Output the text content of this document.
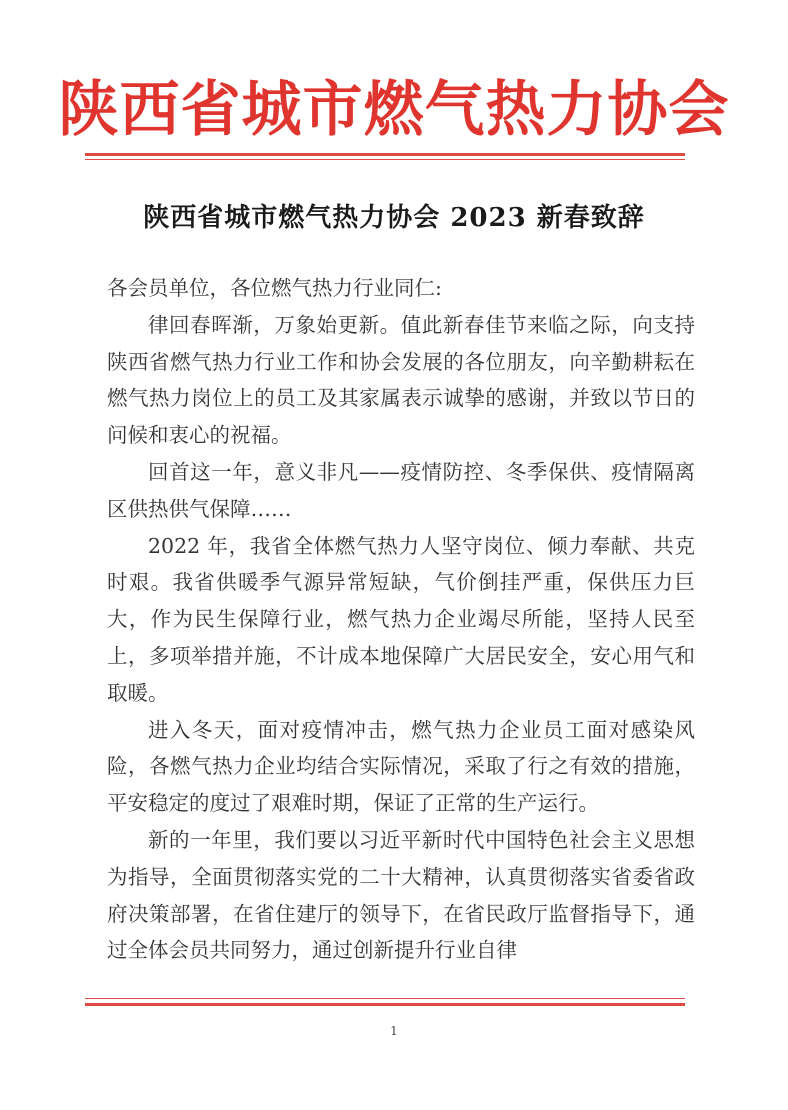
陕西省城市燃气热力协会
陕西省城市燃气热力协会 2023 新春致辞

各会员单位，各位燃气热力行业同仁:

律回春晖渐，万象始更新。值此新春佳节来临之际，向支持陕西省燃气热力行业工作和协会发展的各位朋友，向辛勤耕耘在燃气热力岗位上的员工及其家属表示诚挚的感谢，并致以节日的问候和衷心的祝福。

回首这一年，意义非凡——疫情防控、冬季保供、疫情隔离区供热供气保障……

2022 年，我省全体燃气热力人坚守岗位、倾力奉献、共克时艰。我省供暖季气源异常短缺，气价倒挂严重，保供压力巨大，作为民生保障行业，燃气热力企业竭尽所能，坚持人民至上，多项举措并施，不计成本地保障广大居民安全，安心用气和取暖。

进入冬天，面对疫情冲击，燃气热力企业员工面对感染风险，各燃气热力企业均结合实际情况，采取了行之有效的措施，平安稳定的度过了艰难时期，保证了正常的生产运行。

新的一年里，我们要以习近平新时代中国特色社会主义思想为指导，全面贯彻落实党的二十大精神，认真贯彻落实省委省政府决策部署，在省住建厅的领导下，在省民政厅监督指导下，通过全体会员共同努力，通过创新提升行业自律

1
